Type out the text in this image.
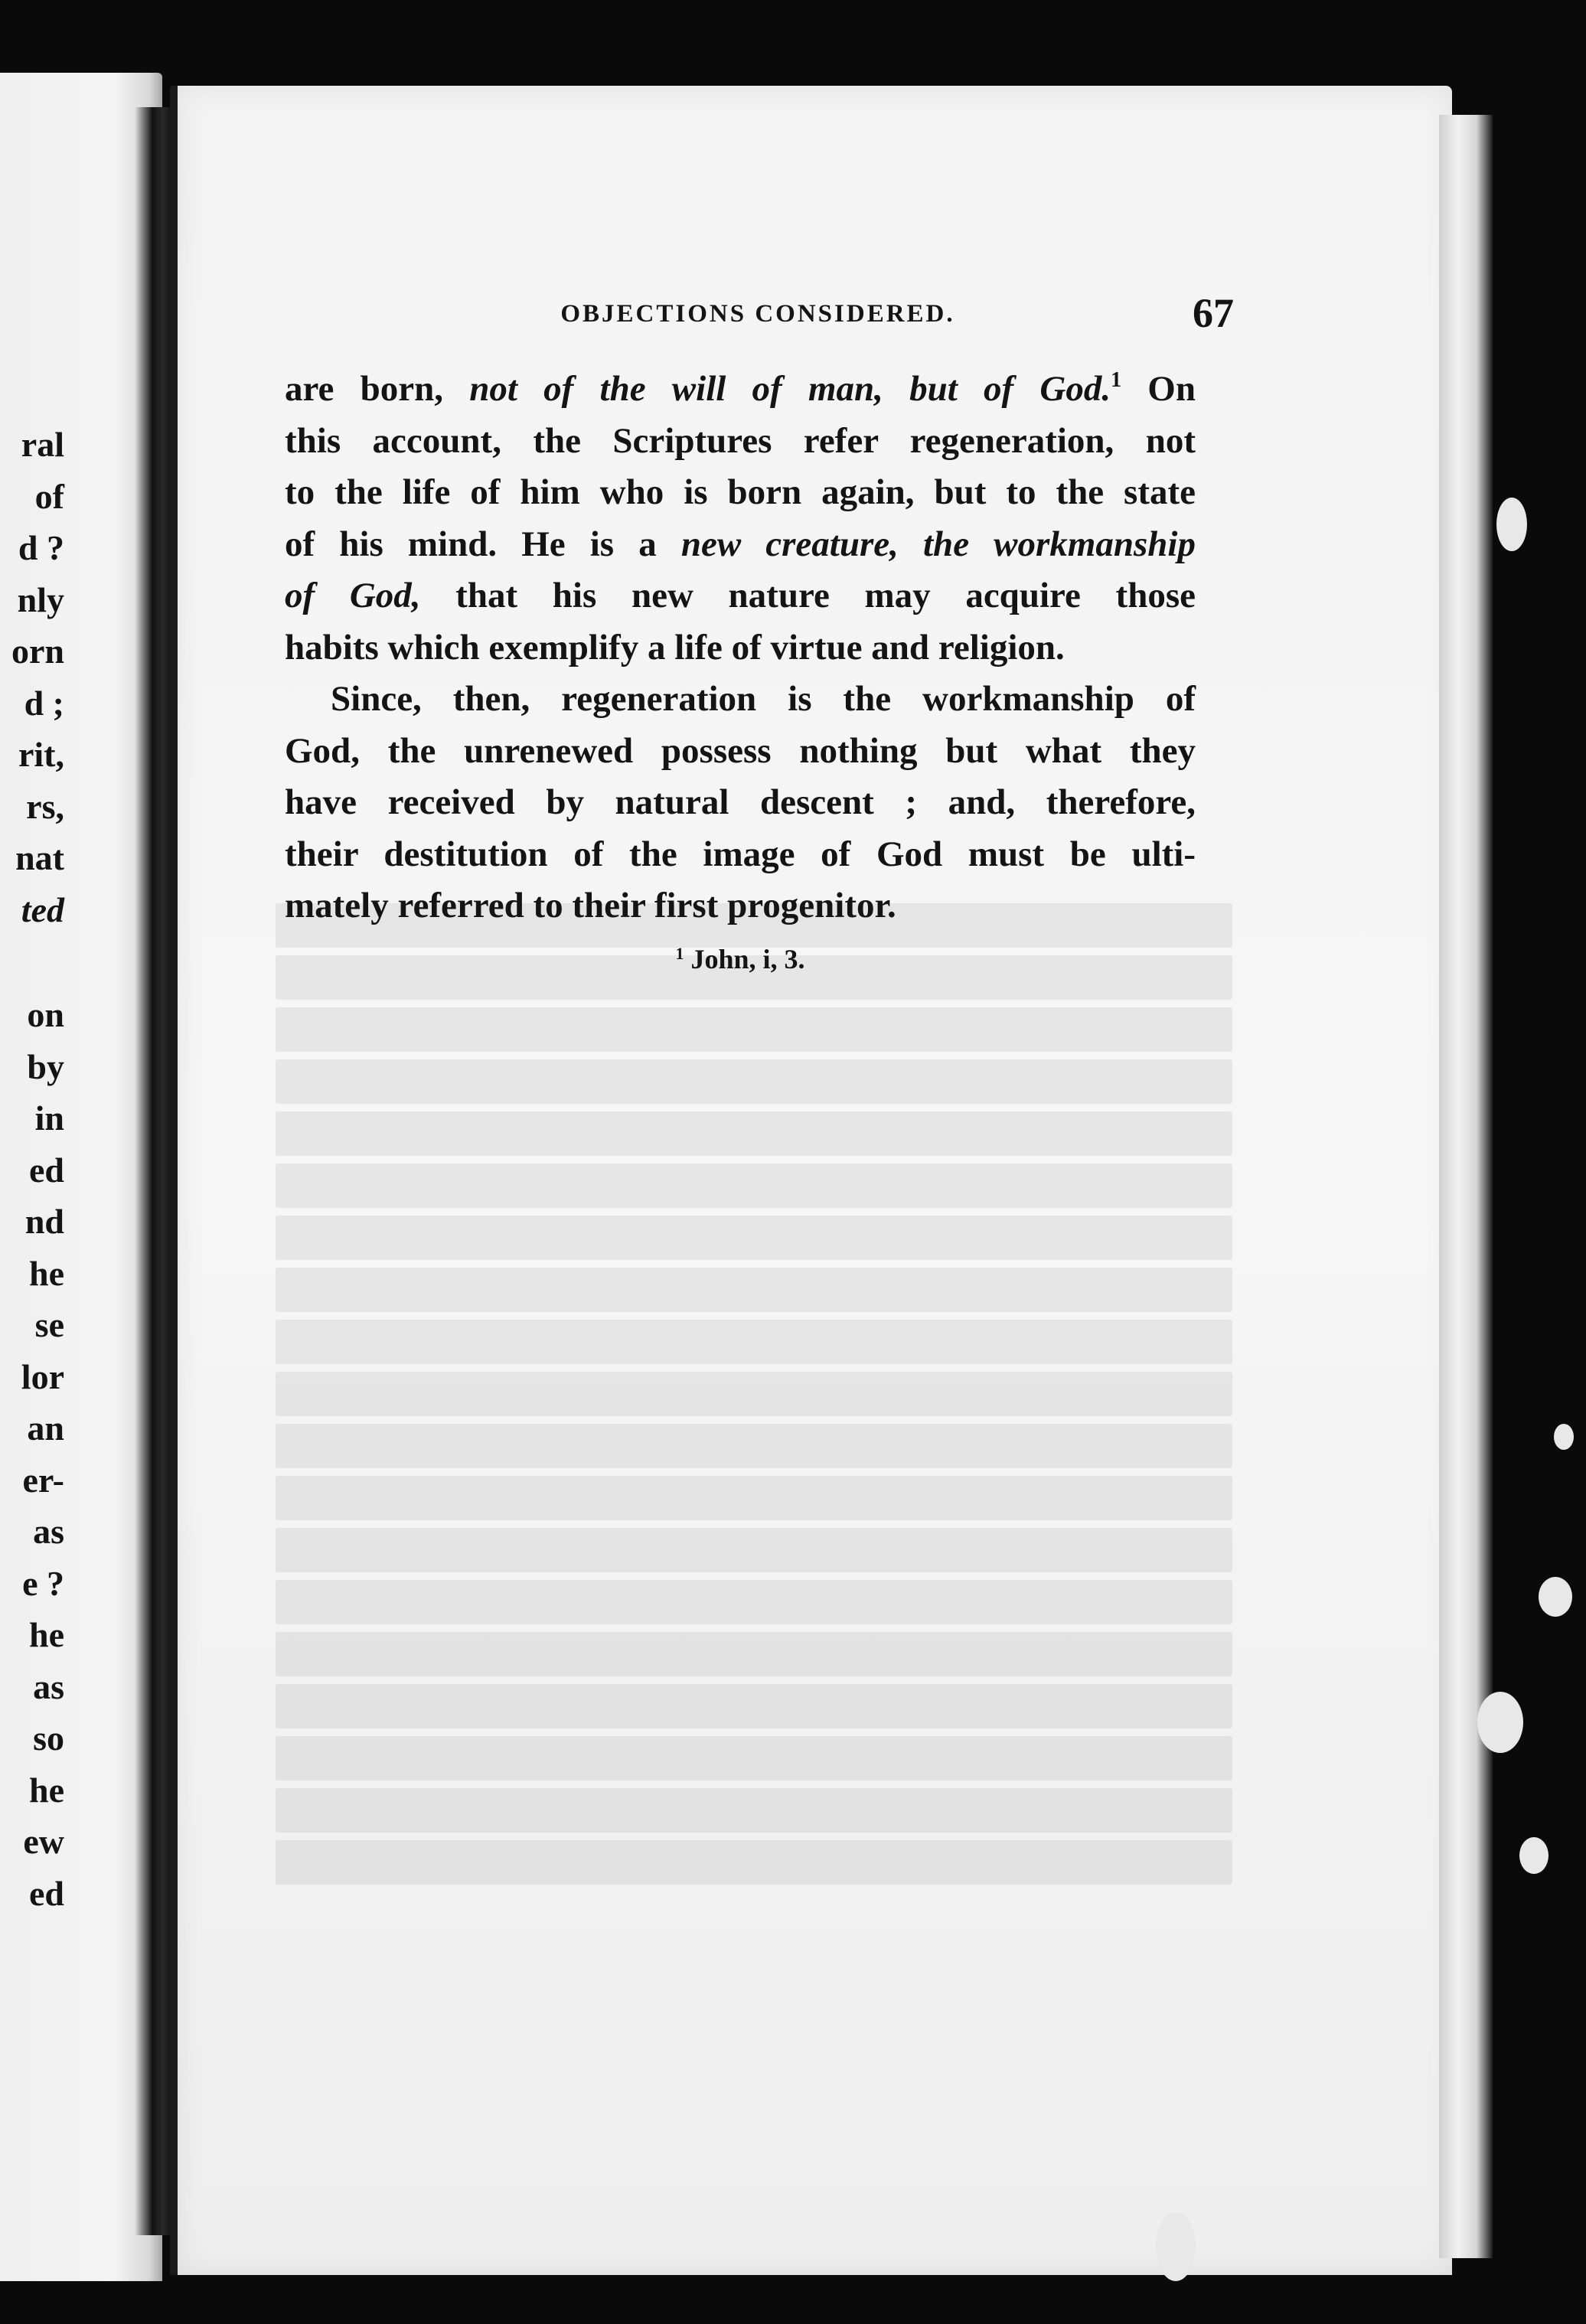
ral
of
d ?
nly
orn
d ;
rit,
rs,
nat
ted
on
by
in
ed
nd
he
se
lor
an
er-
as
e ?
he
as
so
he
ew
ed
OBJECTIONS CONSIDERED.	67
are born, not of the will of man, but of God.$^1$ On
this account, the Scriptures refer regeneration, not
to the life of him who is born again, but to the state
of his mind. He is a new creature, the workmanship
of God, that his new nature may acquire those
habits which exemplify a life of virtue and religion.
Since, then, regeneration is the workmanship of
God, the unrenewed possess nothing but what they
have received by natural descent ; and, therefore,
their destitution of the image of God must be ulti-
mately referred to their first progenitor.
$^1$ John, i, 3.
